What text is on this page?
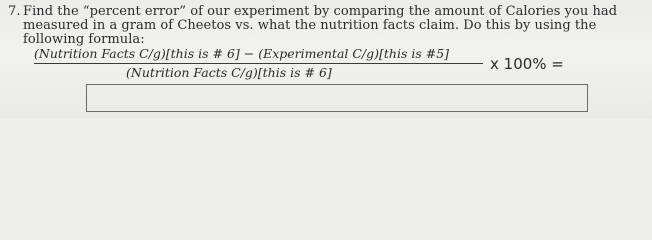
7. Find the “percent error” of our experiment by comparing the amount of Calories you had
measured in a gram of Cheetos vs. what the nutrition facts claim. Do this by using the
following formula:
(Nutrition Facts C/g)[this is # 6] − (Experimental C/g)[this is #5]
(Nutrition Facts C/g)[this is # 6]	x 100% =
